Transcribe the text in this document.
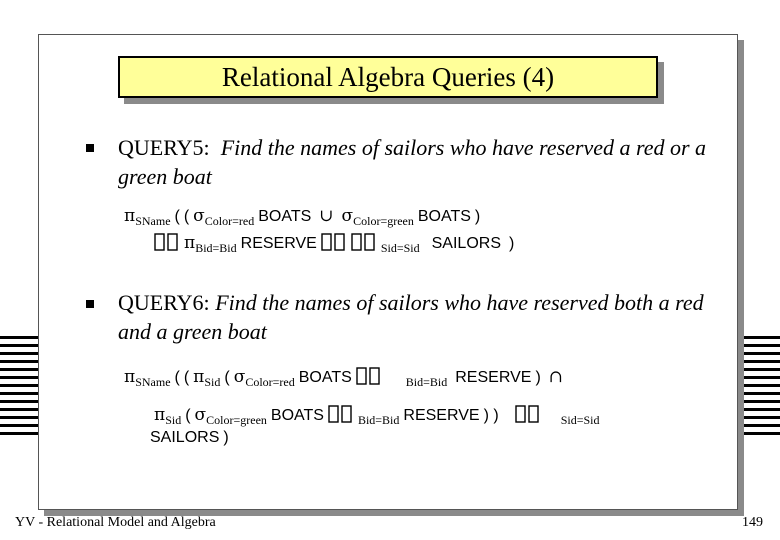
Relational Algebra Queries (4)
QUERY5: Find the names of sailors who have reserved a red or a green boat
$\pi_{SName}$ ( ( $\sigma_{Color=red}$ BOATS ∪ $\sigma_{Color=green}$ BOATS )
$\pi_{Bid=Bid}$ RESERVE	$_{Sid=Sid}$ SAILORS )
QUERY6: Find the names of sailors who have reserved both a red and a green boat
$\pi_{SName}$ ( ( $\pi_{Sid}$ ( $\sigma_{Color=red}$ BOATS	$_{Bid=Bid}$ RESERVE ) ∩
$\pi_{Sid}$ ( $\sigma_{Color=green}$ BOATS	$_{Bid=Bid}$ RESERVE ) )	$_{Sid=Sid}$
SAILORS )
YV - Relational Model and Algebra	149
